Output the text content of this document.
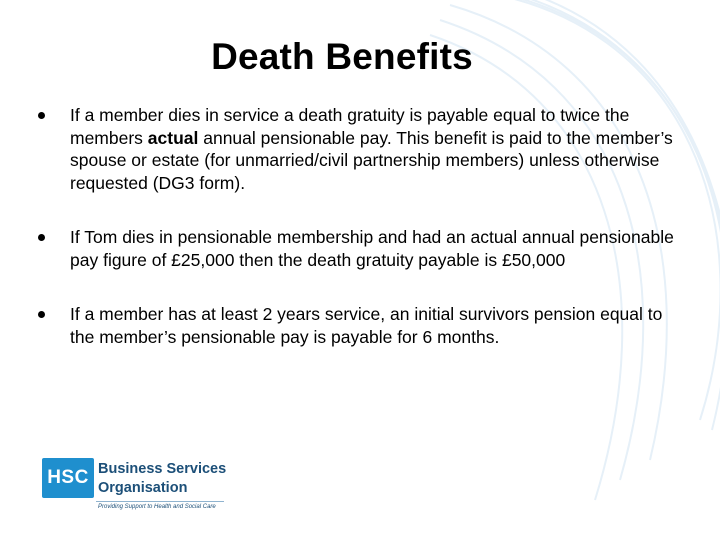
Death Benefits
If a member dies in service a death gratuity is payable equal to twice the members actual annual pensionable pay. This benefit is paid to the member’s spouse or estate (for unmarried/civil partnership members) unless otherwise requested (DG3 form).
If Tom dies in pensionable membership and had an actual annual pensionable pay figure of £25,000 then the death gratuity payable is £50,000
If a member has at least 2 years service, an initial survivors pension equal to the member’s pensionable pay is payable for 6 months.
HSC Business Services
Organisation
Providing Support to Health and Social Care
